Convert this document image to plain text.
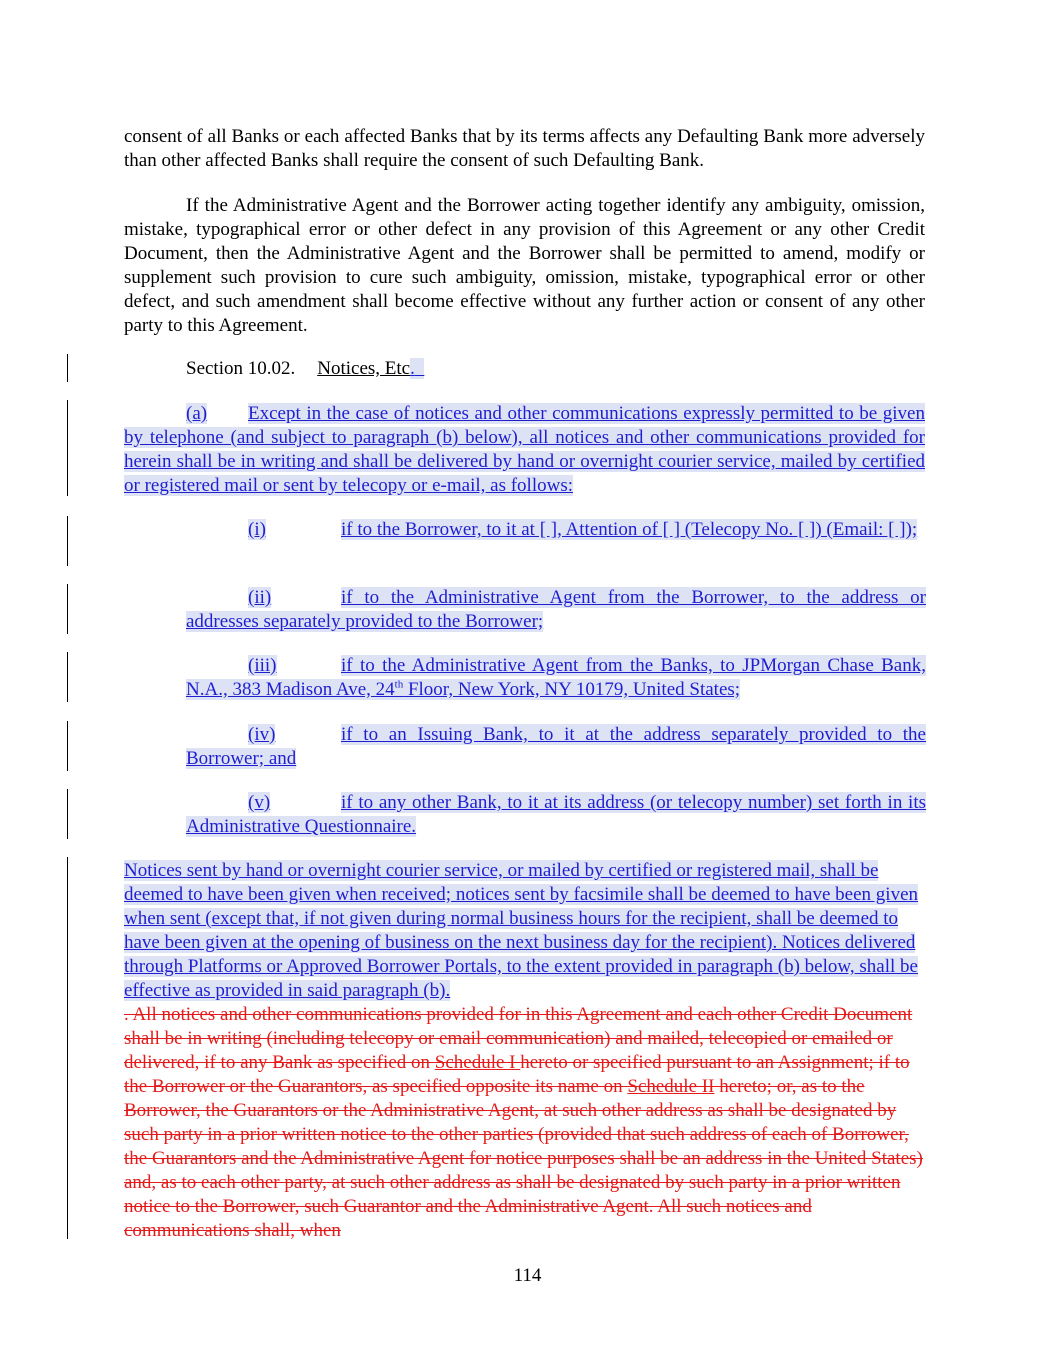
consent of all Banks or each affected Banks that by its terms affects any Defaulting Bank more adversely than other affected Banks shall require the consent of such Defaulting Bank.

If the Administrative Agent and the Borrower acting together identify any ambiguity, omission, mistake, typographical error or other defect in any provision of this Agreement or any other Credit Document, then the Administrative Agent and the Borrower shall be permitted to amend, modify or supplement such provision to cure such ambiguity, omission, mistake, typographical error or other defect, and such amendment shall become effective without any further action or consent of any other party to this Agreement.

Section 10.02. Notices, Etc.

(a) Except in the case of notices and other communications expressly permitted to be given by telephone (and subject to paragraph (b) below), all notices and other communications provided for herein shall be in writing and shall be delivered by hand or overnight courier service, mailed by certified or registered mail or sent by telecopy or e-mail, as follows:

(i)	if to the Borrower, to it at [ ], Attention of [ ] (Telecopy No. [ ]) (Email: [ ]);

(ii)	if to the Administrative Agent from the Borrower, to the address or addresses separately provided to the Borrower;

(iii)	if to the Administrative Agent from the Banks, to JPMorgan Chase Bank, N.A., 383 Madison Ave, 24th Floor, New York, NY 10179, United States;

(iv)	if to an Issuing Bank, to it at the address separately provided to the Borrower; and

(v)	if to any other Bank, to it at its address (or telecopy number) set forth in its Administrative Questionnaire.

Notices sent by hand or overnight courier service, or mailed by certified or registered mail, shall be deemed to have been given when received; notices sent by facsimile shall be deemed to have been given when sent (except that, if not given during normal business hours for the recipient, shall be deemed to have been given at the opening of business on the next business day for the recipient). Notices delivered through Platforms or Approved Borrower Portals, to the extent provided in paragraph (b) below, shall be effective as provided in said paragraph (b).
. All notices and other communications provided for in this Agreement and each other Credit Document shall be in writing (including telecopy or email communication) and mailed, telecopied or emailed or delivered, if to any Bank as specified on Schedule I hereto or specified pursuant to an Assignment; if to the Borrower or the Guarantors, as specified opposite its name on Schedule II hereto; or, as to the Borrower, the Guarantors or the Administrative Agent, at such other address as shall be designated by such party in a prior written notice to the other parties (provided that such address of each of Borrower, the Guarantors and the Administrative Agent for notice purposes shall be an address in the United States) and, as to each other party, at such other address as shall be designated by such party in a prior written notice to the Borrower, such Guarantor and the Administrative Agent. All such notices and communications shall, when

114
